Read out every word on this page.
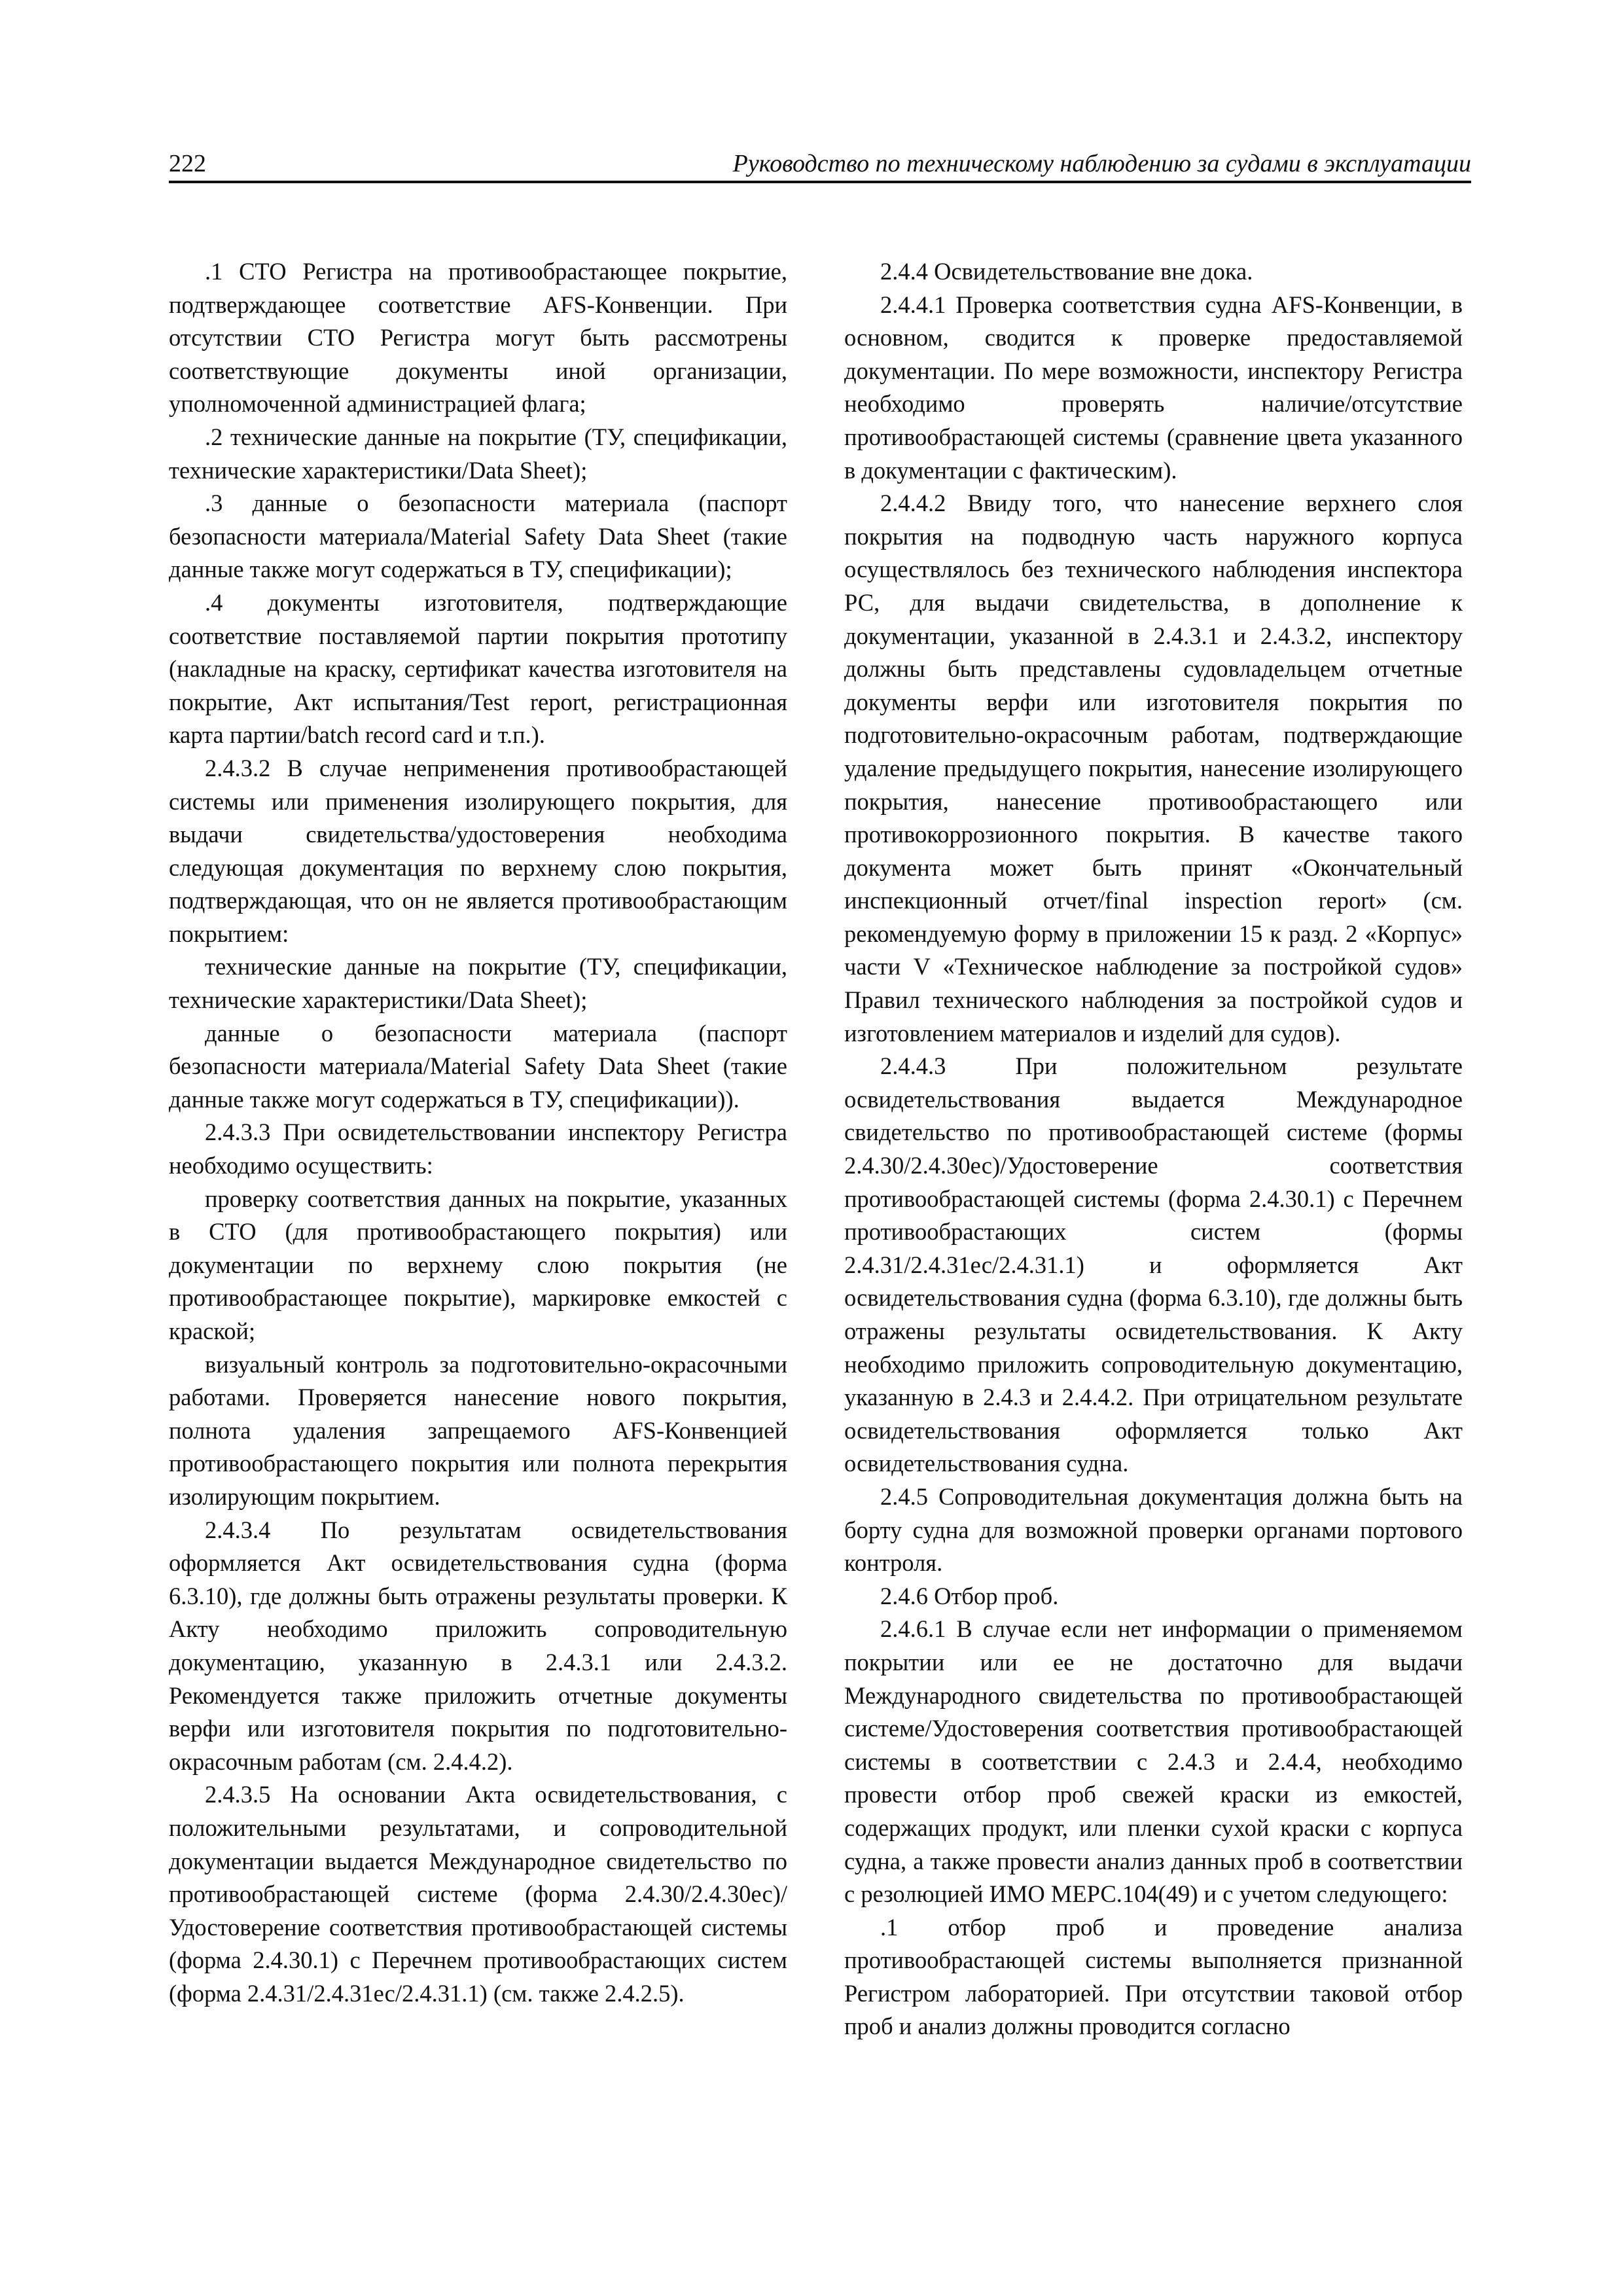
222	Руководство по техническому наблюдению за судами в эксплуатации

.1 СТО Регистра на противообрастающее покрытие, подтверждающее соответствие AFS-Конвенции. При отсутствии СТО Регистра могут быть рассмотрены соответствующие документы иной организации, уполномоченной администрацией флага;

.2 технические данные на покрытие (ТУ, спецификации, технические характеристики/Data Sheet);

.3 данные о безопасности материала (паспорт безопасности материала/Material Safety Data Sheet (такие данные также могут содержаться в ТУ, спецификации);

.4 документы изготовителя, подтверждающие соответствие поставляемой партии покрытия прототипу (накладные на краску, сертификат качества изготовителя на покрытие, Акт испытания/Test report, регистрационная карта партии/batch record card и т.п.).

2.4.3.2 В случае неприменения противообрастающей системы или применения изолирующего покрытия, для выдачи свидетельства/удостоверения необходима следующая документация по верхнему слою покрытия, подтверждающая, что он не является противообрастающим покрытием:

технические данные на покрытие (ТУ, спецификации, технические характеристики/Data Sheet);

данные о безопасности материала (паспорт безопасности материала/Material Safety Data Sheet (такие данные также могут содержаться в ТУ, спецификации)).

2.4.3.3 При освидетельствовании инспектору Регистра необходимо осуществить:

проверку соответствия данных на покрытие, указанных в СТО (для противообрастающего покрытия) или документации по верхнему слою покрытия (не противообрастающее покрытие), маркировке емкостей с краской;

визуальный контроль за подготовительно-окрасочными работами. Проверяется нанесение нового покрытия, полнота удаления запрещаемого AFS-Конвенцией противообрастающего покрытия или полнота перекрытия изолирующим покрытием.

2.4.3.4 По результатам освидетельствования оформляется Акт освидетельствования судна (форма 6.3.10), где должны быть отражены результаты проверки. К Акту необходимо приложить сопроводительную документацию, указанную в 2.4.3.1 или 2.4.3.2. Рекомендуется также приложить отчетные документы верфи или изготовителя покрытия по подготовительно-окрасочным работам (см. 2.4.4.2).

2.4.3.5 На основании Акта освидетельствования, с положительными результатами, и сопроводительной документации выдается Международное свидетельство по противообрастающей системе (форма 2.4.30/2.4.30ес)/Удостоверение соответствия противообрастающей системы (форма 2.4.30.1) с Перечнем противообрастающих систем (форма 2.4.31/2.4.31ес/2.4.31.1) (см. также 2.4.2.5).

2.4.4 Освидетельствование вне дока.

2.4.4.1 Проверка соответствия судна AFS-Конвенции, в основном, сводится к проверке предоставляемой документации. По мере возможности, инспектору Регистра необходимо проверять наличие/отсутствие противообрастающей системы (сравнение цвета указанного в документации с фактическим).

2.4.4.2 Ввиду того, что нанесение верхнего слоя покрытия на подводную часть наружного корпуса осуществлялось без технического наблюдения инспектора РС, для выдачи свидетельства, в дополнение к документации, указанной в 2.4.3.1 и 2.4.3.2, инспектору должны быть представлены судовладельцем отчетные документы верфи или изготовителя покрытия по подготовительно-окрасочным работам, подтверждающие удаление предыдущего покрытия, нанесение изолирующего покрытия, нанесение противообрастающего или противокоррозионного покрытия. В качестве такого документа может быть принят «Окончательный инспекционный отчет/final inspection report» (см. рекомендуемую форму в приложении 15 к разд. 2 «Корпус» части V «Техническое наблюдение за постройкой судов» Правил технического наблюдения за постройкой судов и изготовлением материалов и изделий для судов).

2.4.4.3 При положительном результате освидетельствования выдается Международное свидетельство по противообрастающей системе (формы 2.4.30/2.4.30ес)/Удостоверение соответствия противообрастающей системы (форма 2.4.30.1) с Перечнем противообрастающих систем (формы 2.4.31/2.4.31ес/2.4.31.1) и оформляется Акт освидетельствования судна (форма 6.3.10), где должны быть отражены результаты освидетельствования. К Акту необходимо приложить сопроводительную документацию, указанную в 2.4.3 и 2.4.4.2. При отрицательном результате освидетельствования оформляется только Акт освидетельствования судна.

2.4.5 Сопроводительная документация должна быть на борту судна для возможной проверки органами портового контроля.

2.4.6 Отбор проб.

2.4.6.1 В случае если нет информации о применяемом покрытии или ее не достаточно для выдачи Международного свидетельства по противообрастающей системе/Удостоверения соответствия противообрастающей системы в соответствии с 2.4.3 и 2.4.4, необходимо провести отбор проб свежей краски из емкостей, содержащих продукт, или пленки сухой краски с корпуса судна, а также провести анализ данных проб в соответствии с резолюцией ИМО МЕРС.104(49) и с учетом следующего:

.1 отбор проб и проведение анализа противообрастающей системы выполняется признанной Регистром лабораторией. При отсутствии таковой отбор проб и анализ должны проводится согласно
